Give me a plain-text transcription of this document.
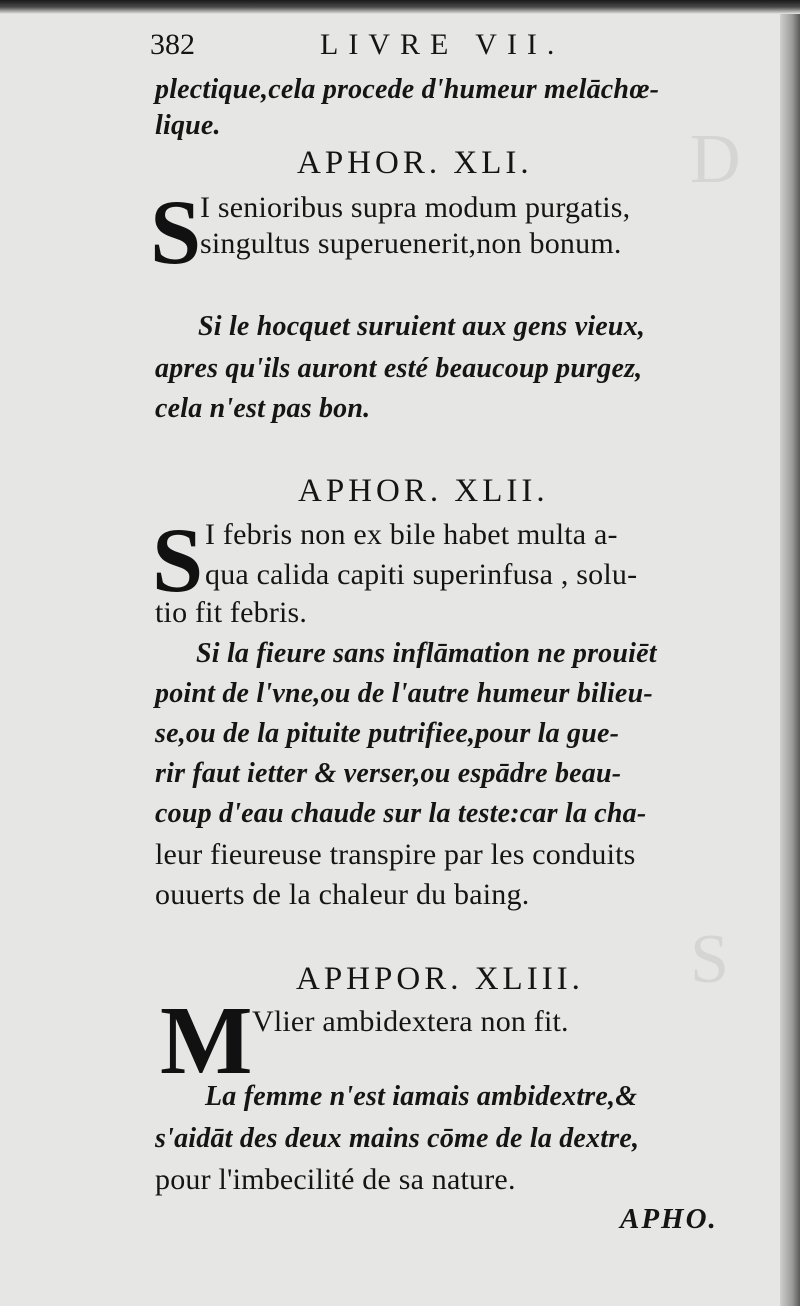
D
S
382	LIVRE VII.
plectique,cela procede d'humeur melāchœ-
lique.
APHOR. XLI.
S
I senioribus supra modum purgatis,
singultus superuenerit,non bonum.
Si le hocquet suruient aux gens vieux,
apres qu'ils auront esté beaucoup purgez,
cela n'est pas bon.
APHOR. XLII.
S I febris non ex bile habet multa a-
qua calida capiti superinfusa , solu-
tio fit febris.
Si la fieure sans inflāmation ne prouiēt
point de l'vne,ou de l'autre humeur bilieu-
se,ou de la pituite putrifiee,pour la gue-
rir faut ietter & verser,ou espādre beau-
coup d'eau chaude sur la teste:car la cha-
leur fieureuse transpire par les conduits
ouuerts de la chaleur du baing.
APHPOR. XLIII.
M Vlier ambidextera non fit.
La femme n'est iamais ambidextre,&
s'aidāt des deux mains cōme de la dextre,
pour l'imbecilité de sa nature.
APHO.
